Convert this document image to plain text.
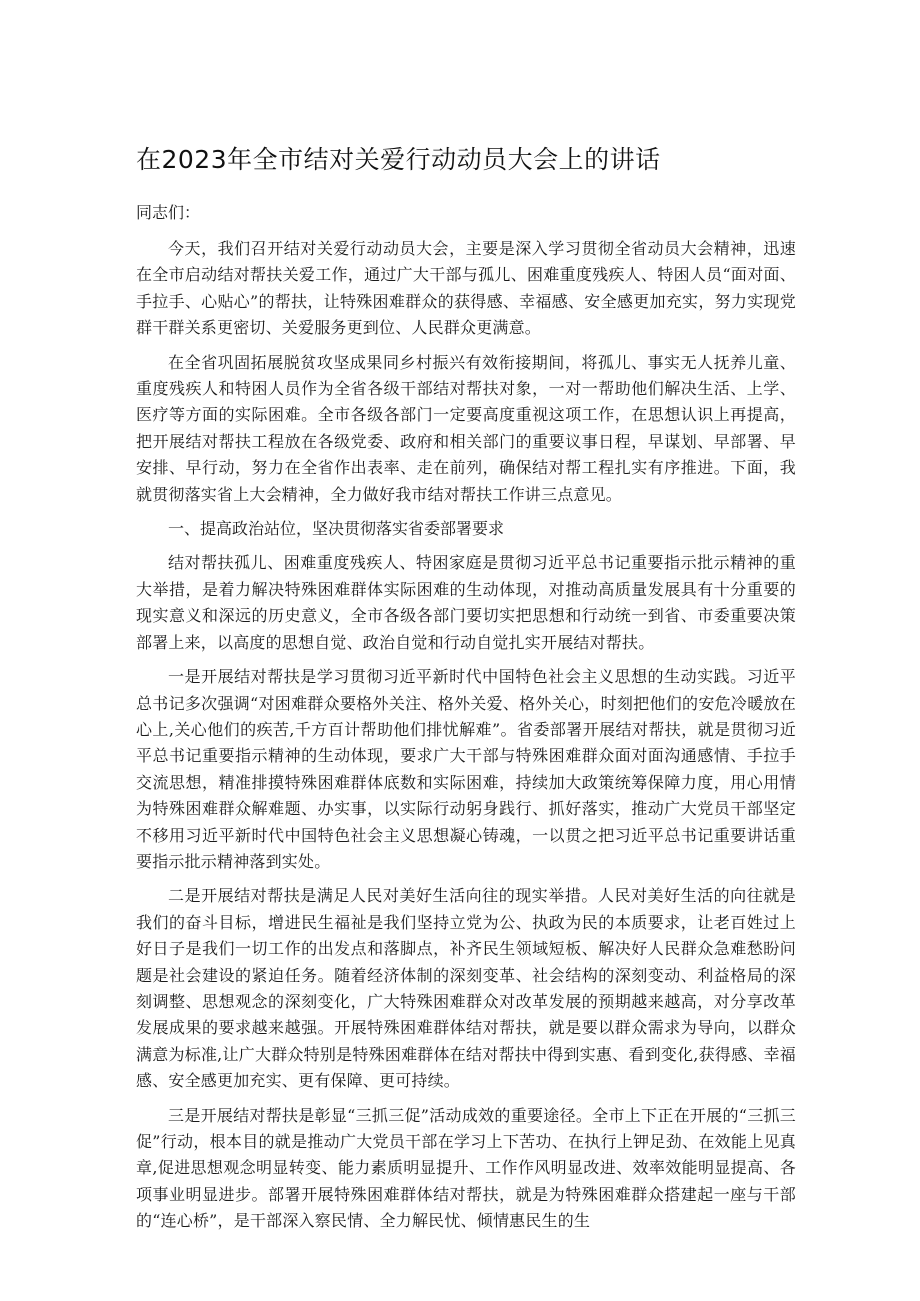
在2023年全市结对关爱行动动员大会上的讲话

同志们：

今天，我们召开结对关爱行动动员大会，主要是深入学习贯彻全省动员大会精神，迅速在全市启动结对帮扶关爱工作，通过广大干部与孤儿、困难重度残疾人、特困人员“面对面、手拉手、心贴心”的帮扶，让特殊困难群众的获得感、幸福感、安全感更加充实，努力实现党群干群关系更密切、关爱服务更到位、人民群众更满意。

在全省巩固拓展脱贫攻坚成果同乡村振兴有效衔接期间，将孤儿、事实无人抚养儿童、重度残疾人和特困人员作为全省各级干部结对帮扶对象，一对一帮助他们解决生活、上学、医疗等方面的实际困难。全市各级各部门一定要高度重视这项工作，在思想认识上再提高，把开展结对帮扶工程放在各级党委、政府和相关部门的重要议事日程，早谋划、早部署、早安排、早行动，努力在全省作出表率、走在前列，确保结对帮工程扎实有序推进。下面，我就贯彻落实省上大会精神，全力做好我市结对帮扶工作讲三点意见。

一、提高政治站位，坚决贯彻落实省委部署要求

结对帮扶孤儿、困难重度残疾人、特困家庭是贯彻习近平总书记重要指示批示精神的重大举措，是着力解决特殊困难群体实际困难的生动体现，对推动高质量发展具有十分重要的现实意义和深远的历史意义，全市各级各部门要切实把思想和行动统一到省、市委重要决策部署上来，以高度的思想自觉、政治自觉和行动自觉扎实开展结对帮扶。

一是开展结对帮扶是学习贯彻习近平新时代中国特色社会主义思想的生动实践。习近平总书记多次强调“对困难群众要格外关注、格外关爱、格外关心，时刻把他们的安危冷暖放在心上,关心他们的疾苦,千方百计帮助他们排忧解难”。省委部署开展结对帮扶，就是贯彻习近平总书记重要指示精神的生动体现，要求广大干部与特殊困难群众面对面沟通感情、手拉手交流思想，精准排摸特殊困难群体底数和实际困难，持续加大政策统筹保障力度，用心用情为特殊困难群众解难题、办实事，以实际行动躬身践行、抓好落实，推动广大党员干部坚定不移用习近平新时代中国特色社会主义思想凝心铸魂，一以贯之把习近平总书记重要讲话重要指示批示精神落到实处。

二是开展结对帮扶是满足人民对美好生活向往的现实举措。人民对美好生活的向往就是我们的奋斗目标，增进民生福祉是我们坚持立党为公、执政为民的本质要求，让老百姓过上好日子是我们一切工作的出发点和落脚点，补齐民生领域短板、解决好人民群众急难愁盼问题是社会建设的紧迫任务。随着经济体制的深刻变革、社会结构的深刻变动、利益格局的深刻调整、思想观念的深刻变化，广大特殊困难群众对改革发展的预期越来越高，对分享改革发展成果的要求越来越强。开展特殊困难群体结对帮扶，就是要以群众需求为导向，以群众满意为标准,让广大群众特别是特殊困难群体在结对帮扶中得到实惠、看到变化,获得感、幸福感、安全感更加充实、更有保障、更可持续。

三是开展结对帮扶是彰显“三抓三促”活动成效的重要途径。全市上下正在开展的“三抓三促”行动，根本目的就是推动广大党员干部在学习上下苦功、在执行上钾足劲、在效能上见真章,促进思想观念明显转变、能力素质明显提升、工作作风明显改进、效率效能明显提高、各项事业明显进步。部署开展特殊困难群体结对帮扶，就是为特殊困难群众搭建起一座与干部的“连心桥”，是干部深入察民情、全力解民忧、倾情惠民生的生
